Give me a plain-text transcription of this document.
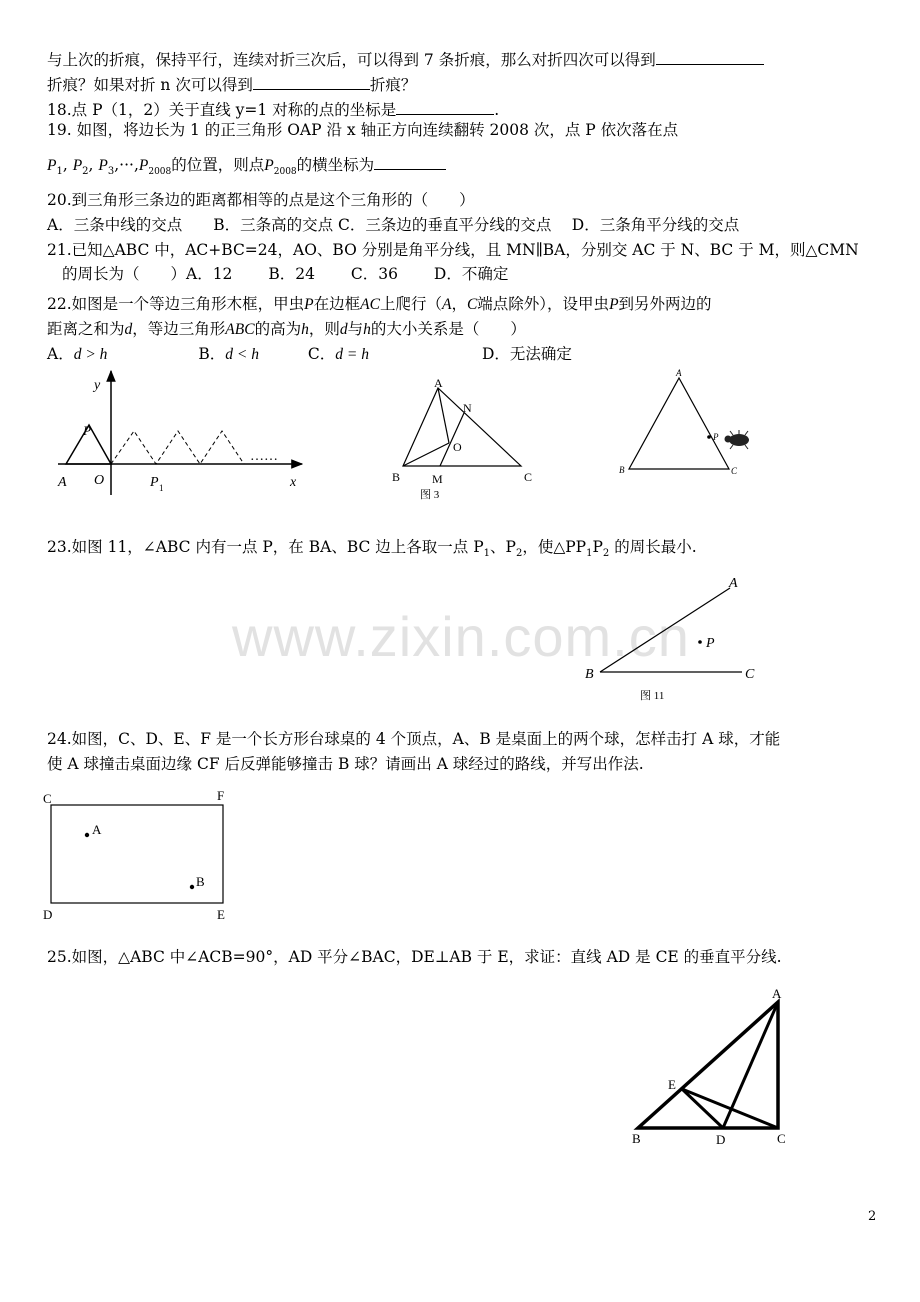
www.zixin.com.cn
与上次的折痕，保持平行，连续对折三次后，可以得到 7 条折痕，那么对折四次可以得到
折痕？如果对折 n 次可以得到	折痕？
18.点 P（1，2）关于直线 y=1 对称的点的坐标是	.
19. 如图，将边长为 1 的正三角形 OAP 沿 x 轴正方向连续翻转 2008 次，点 P 依次落在点
$P_1$, $P_2$, $P_3,\cdot\cdot\cdot,P_{2008}$的位置，则点$P_{2008}$的横坐标为
20.到三角形三条边的距离都相等的点是这个三角形的（　　）
A．三条中线的交点　　B．三条高的交点 C．三条边的垂直平分线的交点　 D．三条角平分线的交点
21.已知△ABC 中，AC+BC=24，AO、BO 分别是角平分线，且 MN∥BA，分别交 AC 于 N、BC 于 M，则△CMN
的周长为（　　）A．12　　 B．24　　 C．36　　 D．不确定
22.如图是一个等边三角形木框，甲虫P在边框AC上爬行（A，C端点除外），设甲虫P到另外两边的
距离之和为d，等边三角形ABC的高为h，则d与h的大小关系是（　　）
A．d > h	B．d < h	C．d = h	D．无法确定
y
P
A O	P 1
……
x
A
N
O
B	M	C
图 3
A
P
B	C
23.如图 11，∠ABC 内有一点 P，在 BA、BC 边上各取一点 $P_1$、$P_2$，使$\triangle PP_1P_2$ 的周长最小.
A
P
B	C
图 11
24.如图，C、D、E、F 是一个长方形台球桌的 4 个顶点，A、B 是桌面上的两个球，怎样击打 A 球，才能
使 A 球撞击桌面边缘 CF 后反弹能够撞击 B 球？请画出 A 球经过的路线，并写出作法.
C	F
A
B
D	E
25.如图，△ABC 中∠ACB=90°，AD 平分∠BAC，DE⊥AB 于 E，求证：直线 AD 是 CE 的垂直平分线.
A
E
B	D	C
2
